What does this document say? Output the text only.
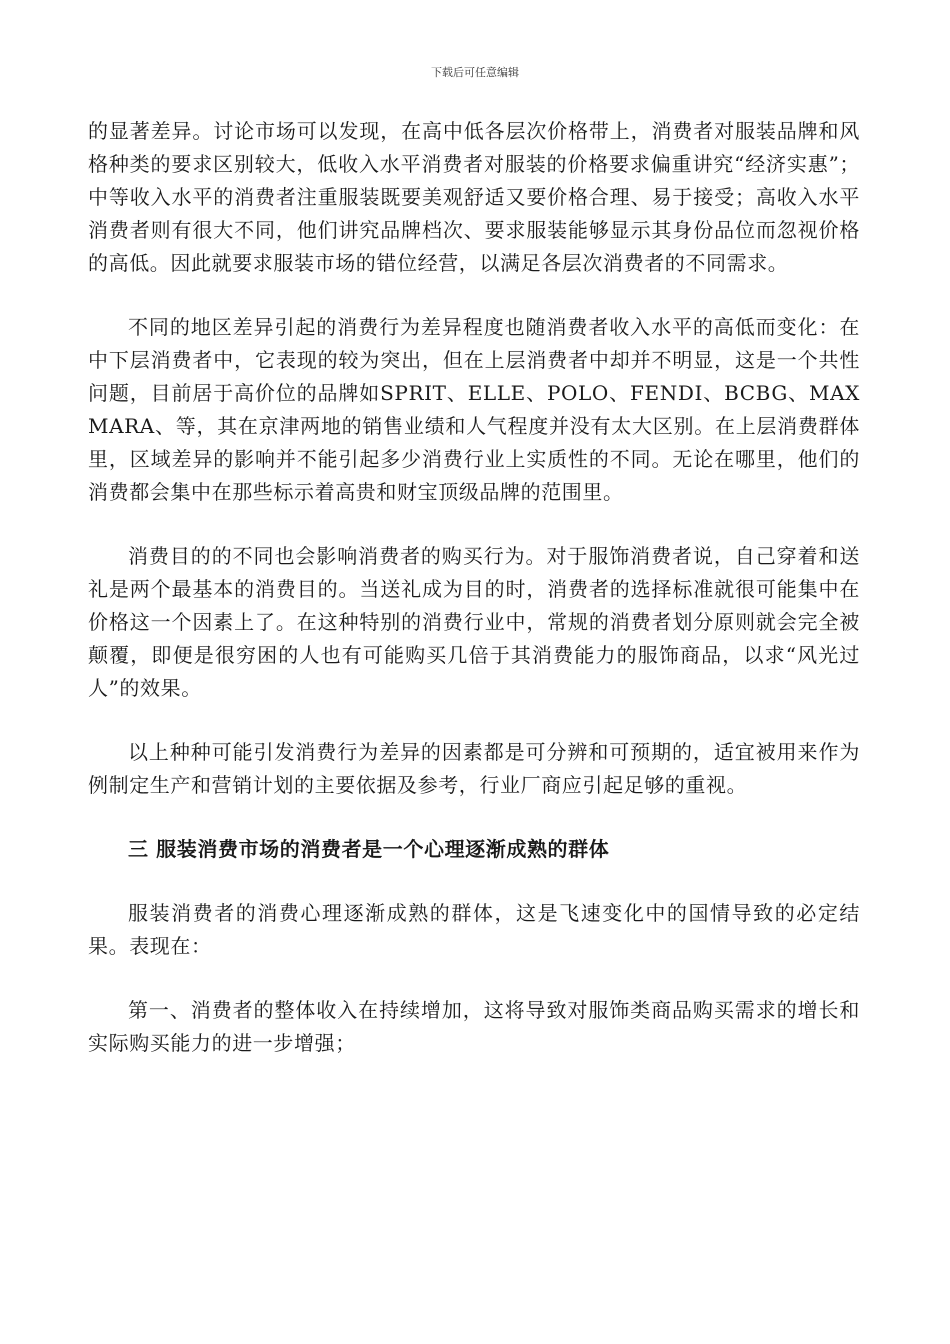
下载后可任意编辑

的显著差异。讨论市场可以发现，在高中低各层次价格带上，消费者对服装品牌和风格种类的要求区别较大，低收入水平消费者对服装的价格要求偏重讲究“经济实惠”；中等收入水平的消费者注重服装既要美观舒适又要价格合理、易于接受；高收入水平消费者则有很大不同，他们讲究品牌档次、要求服装能够显示其身份品位而忽视价格的高低。因此就要求服装市场的错位经营，以满足各层次消费者的不同需求。

不同的地区差异引起的消费行为差异程度也随消费者收入水平的高低而变化：在中下层消费者中，它表现的较为突出，但在上层消费者中却并不明显，这是一个共性问题，目前居于高价位的品牌如SPRIT、ELLE、POLO、FENDI、BCBG、MAXMARA、等，其在京津两地的销售业绩和人气程度并没有太大区别。在上层消费群体里，区域差异的影响并不能引起多少消费行业上实质性的不同。无论在哪里，他们的消费都会集中在那些标示着高贵和财宝顶级品牌的范围里。

消费目的的不同也会影响消费者的购买行为。对于服饰消费者说，自己穿着和送礼是两个最基本的消费目的。当送礼成为目的时，消费者的选择标准就很可能集中在价格这一个因素上了。在这种特别的消费行业中，常规的消费者划分原则就会完全被颠覆，即便是很穷困的人也有可能购买几倍于其消费能力的服饰商品，以求“风光过人”的效果。

以上种种可能引发消费行为差异的因素都是可分辨和可预期的，适宜被用来作为例制定生产和营销计划的主要依据及参考，行业厂商应引起足够的重视。

三 服装消费市场的消费者是一个心理逐渐成熟的群体

服装消费者的消费心理逐渐成熟的群体，这是飞速变化中的国情导致的必定结果。表现在：

第一、消费者的整体收入在持续增加，这将导致对服饰类商品购买需求的增长和实际购买能力的进一步增强；
